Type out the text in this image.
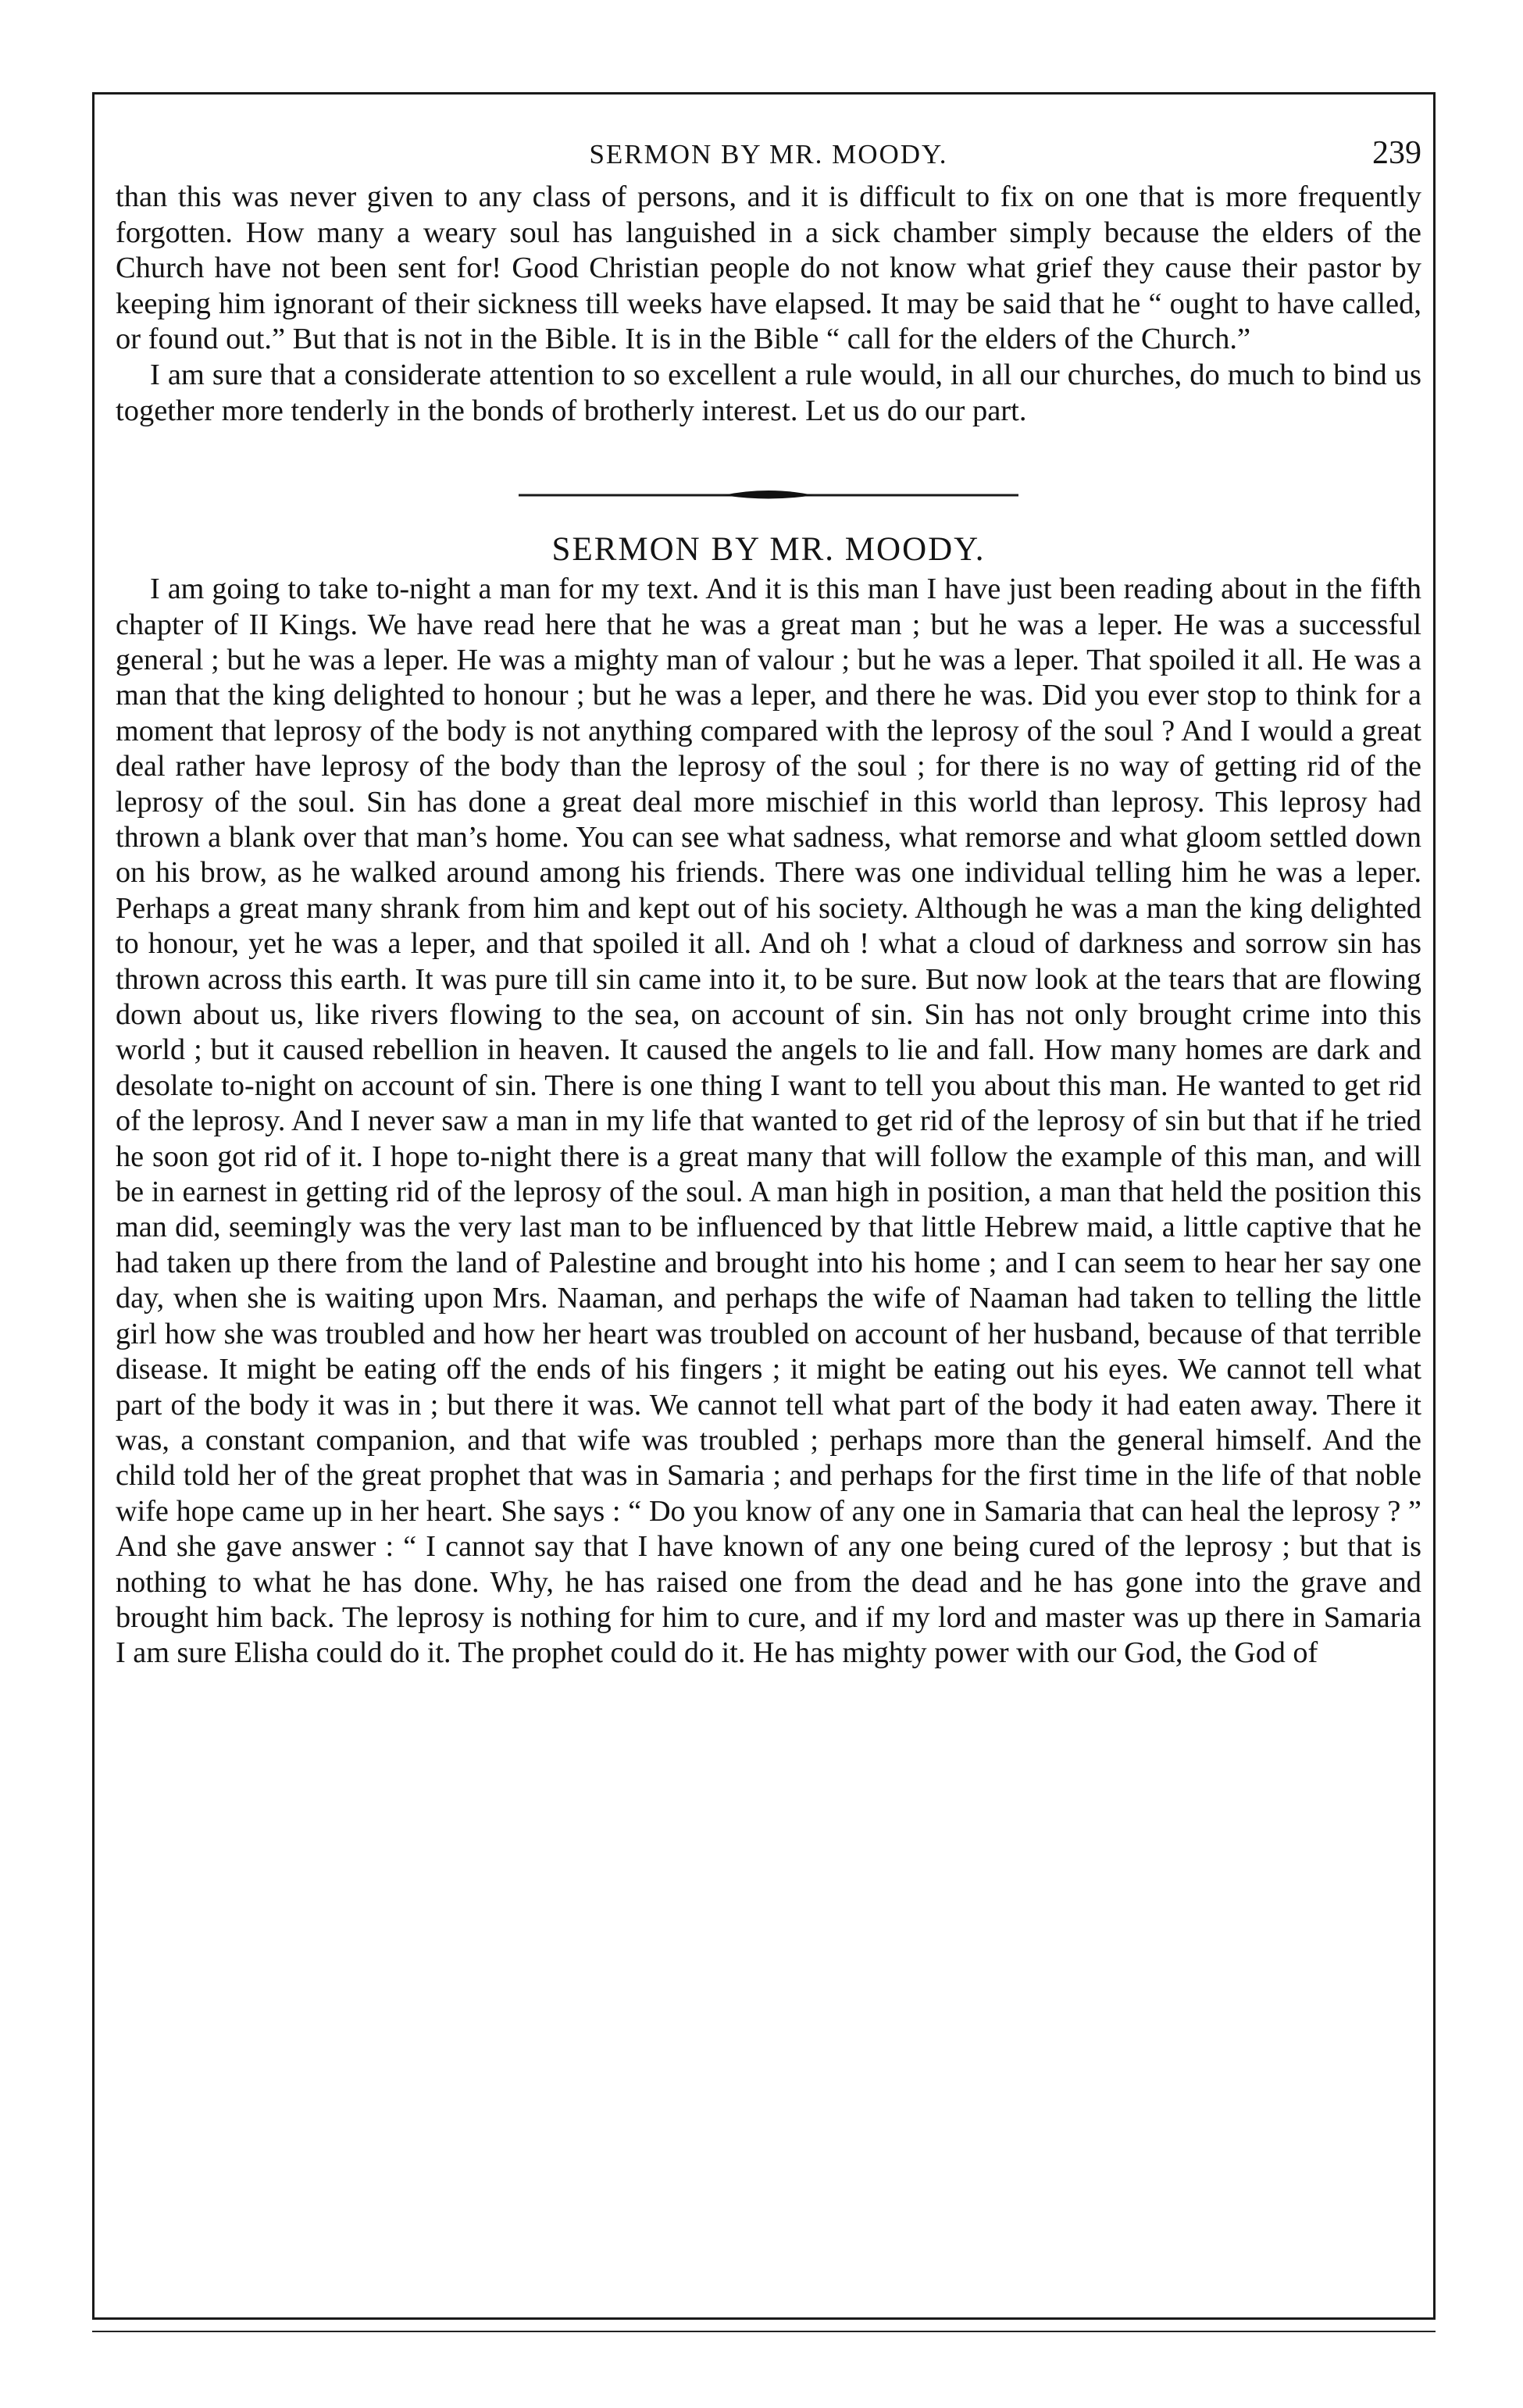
SERMON BY MR. MOODY.	239

than this was never given to any class of persons, and it is difficult to fix on one that is more frequently forgotten. How many a weary soul has languished in a sick chamber simply because the elders of the Church have not been sent for! Good Christian people do not know what grief they cause their pastor by keeping him ignorant of their sickness till weeks have elapsed. It may be said that he “ ought to have called, or found out.” But that is not in the Bible. It is in the Bible “ call for the elders of the Church.”

I am sure that a considerate attention to so excellent a rule would, in all our churches, do much to bind us together more tenderly in the bonds of brotherly interest. Let us do our part.

SERMON BY MR. MOODY.

I am going to take to-night a man for my text. And it is this man I have just been reading about in the fifth chapter of II Kings. We have read here that he was a great man ; but he was a leper. He was a successful general ; but he was a leper. He was a mighty man of valour ; but he was a leper. That spoiled it all. He was a man that the king delighted to honour ; but he was a leper, and there he was. Did you ever stop to think for a moment that leprosy of the body is not anything compared with the leprosy of the soul ? And I would a great deal rather have leprosy of the body than the leprosy of the soul ; for there is no way of getting rid of the leprosy of the soul. Sin has done a great deal more mischief in this world than leprosy. This leprosy had thrown a blank over that man’s home. You can see what sadness, what remorse and what gloom settled down on his brow, as he walked around among his friends. There was one individual telling him he was a leper. Perhaps a great many shrank from him and kept out of his society. Although he was a man the king delighted to honour, yet he was a leper, and that spoiled it all. And oh ! what a cloud of darkness and sorrow sin has thrown across this earth. It was pure till sin came into it, to be sure. But now look at the tears that are flowing down about us, like rivers flowing to the sea, on account of sin. Sin has not only brought crime into this world ; but it caused rebellion in heaven. It caused the angels to lie and fall. How many homes are dark and desolate to-night on account of sin. There is one thing I want to tell you about this man. He wanted to get rid of the leprosy. And I never saw a man in my life that wanted to get rid of the leprosy of sin but that if he tried he soon got rid of it. I hope to-night there is a great many that will follow the example of this man, and will be in earnest in getting rid of the leprosy of the soul. A man high in position, a man that held the position this man did, seemingly was the very last man to be influenced by that little Hebrew maid, a little captive that he had taken up there from the land of Palestine and brought into his home ; and I can seem to hear her say one day, when she is waiting upon Mrs. Naaman, and perhaps the wife of Naaman had taken to telling the little girl how she was troubled and how her heart was troubled on account of her husband, because of that terrible disease. It might be eating off the ends of his fingers ; it might be eating out his eyes. We cannot tell what part of the body it was in ; but there it was. We cannot tell what part of the body it had eaten away. There it was, a constant companion, and that wife was troubled ; perhaps more than the general himself. And the child told her of the great prophet that was in Samaria ; and perhaps for the first time in the life of that noble wife hope came up in her heart. She says : “ Do you know of any one in Samaria that can heal the leprosy ? ” And she gave answer : “ I cannot say that I have known of any one being cured of the leprosy ; but that is nothing to what he has done. Why, he has raised one from the dead and he has gone into the grave and brought him back. The leprosy is nothing for him to cure, and if my lord and master was up there in Samaria I am sure Elisha could do it. The prophet could do it. He has mighty power with our God, the God of
